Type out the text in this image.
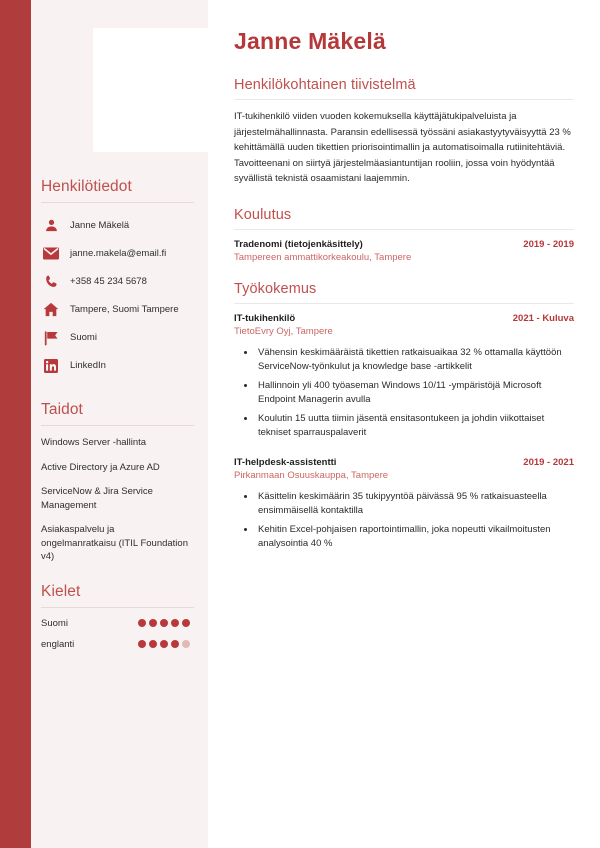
Henkilötiedot
Janne Mäkelä
janne.makela@email.fi
+358 45 234 5678
Tampere, Suomi Tampere
Suomi
LinkedIn
Taidot
Windows Server -hallinta
Active Directory ja Azure AD
ServiceNow & Jira Service Management
Asiakaspalvelu ja ongelmanratkaisu (ITIL Foundation v4)
Kielet
Suomi
englanti
Janne Mäkelä
Henkilökohtainen tiivistelmä

IT-tukihenkilö viiden vuoden kokemuksella käyttäjätukipalveluista ja järjestelmähallinnasta. Paransin edellisessä työssäni asiakastyytyväisyyttä 23 % kehittämällä uuden tikettien priorisointimallin ja automatisoimalla rutiinitehtäviä. Tavoitteenani on siirtyä järjestelmäasiantuntijan rooliin, jossa voin hyödyntää syvällistä teknistä osaamistani laajemmin.

Koulutus
Tradenomi (tietojenkäsittely)	2019 - 2019
Tampereen ammattikorkeakoulu, Tampere
Työkokemus
IT-tukihenkilö	2021 - Kuluva
TietoEvry Oyj, Tampere
• Vähensin keskimääräistä tikettien ratkaisuaikaa 32 % ottamalla käyttöön ServiceNow-työnkulut ja knowledge base -artikkelit
• Hallinnoin yli 400 työaseman Windows 10/11 -ympäristöjä Microsoft Endpoint Managerin avulla
• Koulutin 15 uutta tiimin jäsentä ensitasontukeen ja johdin viikottaiset tekniset sparrauspalaverit
IT-helpdesk-assistentti	2019 - 2021
Pirkanmaan Osuuskauppa, Tampere
• Käsittelin keskimäärin 35 tukipyyntöä päivässä 95 % ratkaisuasteella ensimmäisellä kontaktilla
• Kehitin Excel-pohjaisen raportointimallin, joka nopeutti vikailmoitusten analysointia 40 %
